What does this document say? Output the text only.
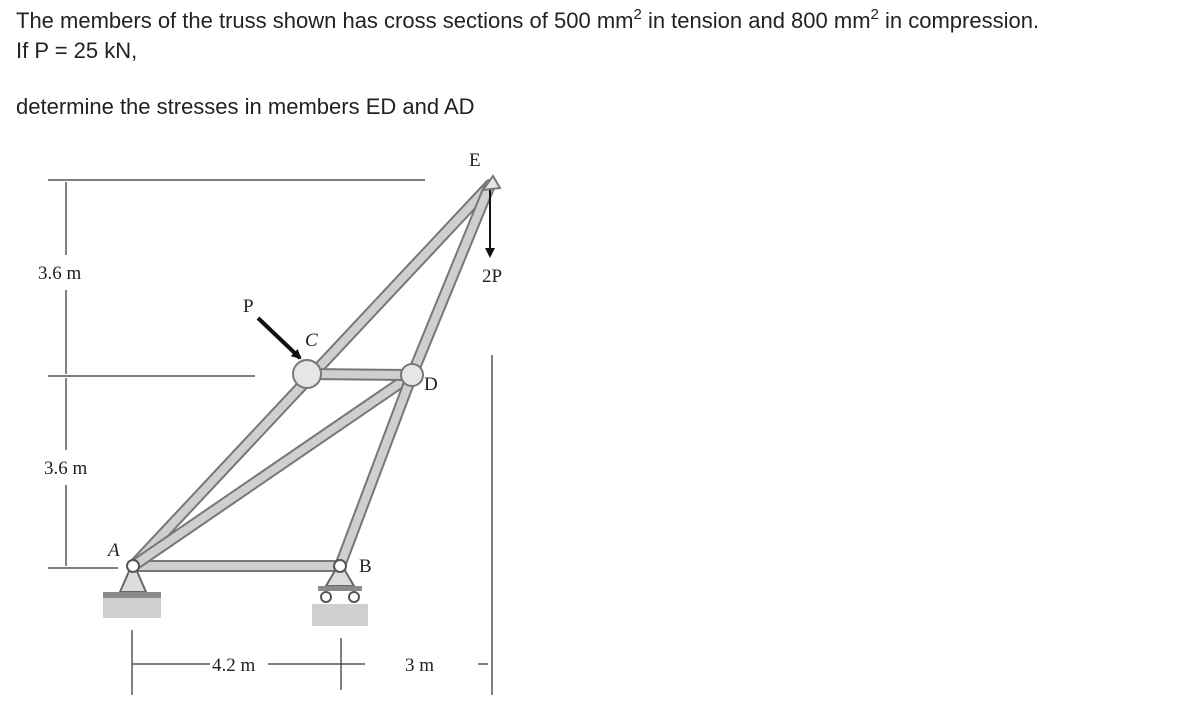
The members of the truss shown has cross sections of 500 $mm^2$ in tension and 800 $mm^2$ in compression.
If P = 25 kN,
determine the stresses in members ED and AD
A
B
C
D
E
P
2P
3.6 m
3.6 m
4.2 m	3 m
